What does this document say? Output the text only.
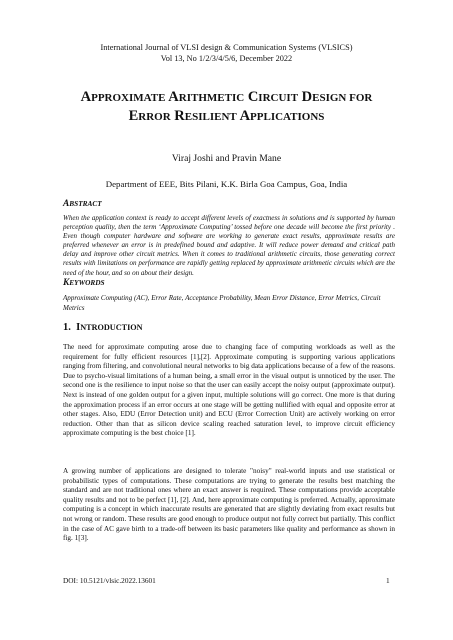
International Journal of VLSI design & Communication Systems (VLSICS)
Vol 13, No 1/2/3/4/5/6, December 2022
APPROXIMATE ARITHMETIC CIRCUIT DESIGN FOR
ERROR RESILIENT APPLICATIONS
Viraj Joshi and Pravin Mane
Department of EEE, Bits Pilani, K.K. Birla Goa Campus, Goa, India
ABSTRACT
When the application context is ready to accept different levels of exactness in solutions and is supported by human perception quality, then the term ‘Approximate Computing’ tossed before one decade will become the first priority . Even though computer hardware and software are working to generate exact results, approximate results are preferred whenever an error is in predefined bound and adaptive. It will reduce power demand and critical path delay and improve other circuit metrics. When it comes to traditional arithmetic circuits, those generating correct results with limitations on performance are rapidly getting replaced by approximate arithmetic circuits which are the need of the hour, and so on about their design.
KEYWORDS
Approximate Computing (AC), Error Rate, Acceptance Probability, Mean Error Distance, Error Metrics, Circuit Metrics
1. INTRODUCTION
The need for approximate computing arose due to changing face of computing workloads as well as the requirement for fully efficient resources [1],[2]. Approximate computing is supporting various applications ranging from filtering, and convolutional neural networks to big data applications because of a few of the reasons. Due to psycho-visual limitations of a human being, a small error in the visual output is unnoticed by the user. The second one is the resilience to input noise so that the user can easily accept the noisy output (approximate output). Next is instead of one golden output for a given input, multiple solutions will go correct. One more is that during the approximation process if an error occurs at one stage will be getting nullified with equal and opposite error at other stages. Also, EDU (Error Detection unit) and ECU (Error Correction Unit) are actively working on error reduction. Other than that as silicon device scaling reached saturation level, to improve circuit efficiency approximate computing is the best choice [1].
A growing number of applications are designed to tolerate "noisy" real-world inputs and use statistical or probabilistic types of computations. These computations are trying to generate the results best matching the standard and are not traditional ones where an exact answer is required. These computations provide acceptable quality results and not to be perfect [1], [2]. And, here approximate computing is preferred. Actually, approximate computing is a concept in which inaccurate results are generated that are slightly deviating from exact results but not wrong or random. These results are good enough to produce output not fully correct but partially. This conflict in the case of AC gave birth to a trade-off between its basic parameters like quality and performance as shown in fig. 1[3].
DOI: 10.5121/vlsic.2022.13601	1
